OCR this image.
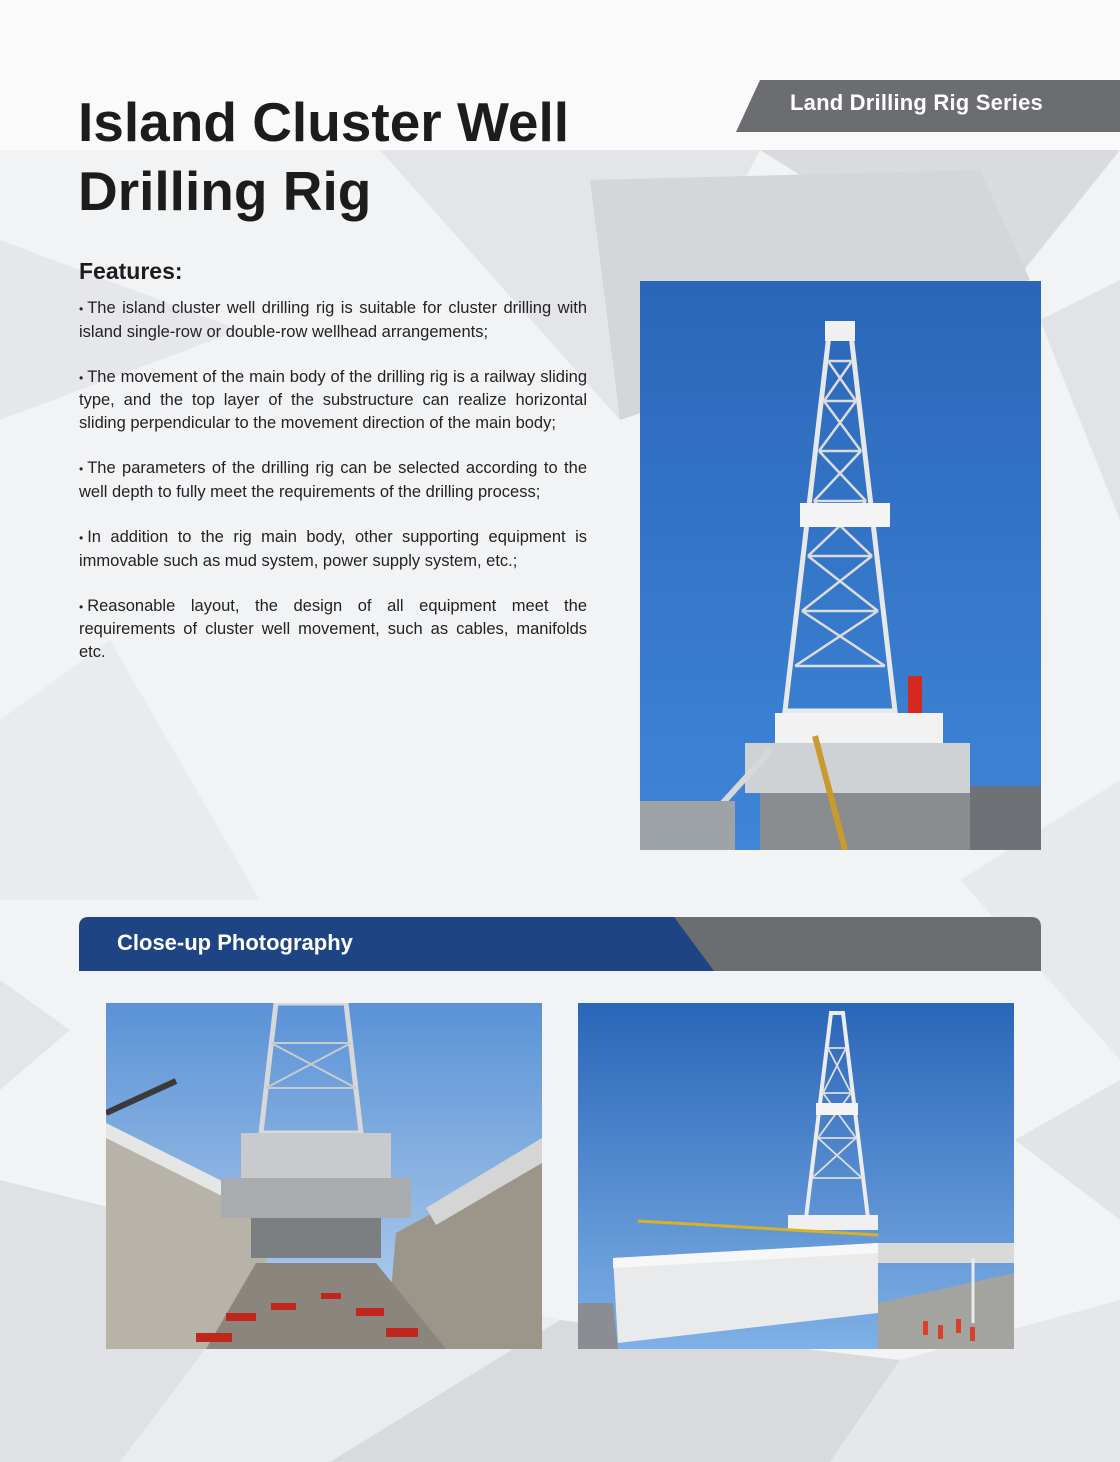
Land Drilling Rig Series
Island Cluster Well
Drilling Rig
Features:
• The island cluster well drilling rig is suitable for cluster drilling with island single-row or double-row wellhead arrangements;
• The movement of the main body of the drilling rig is a railway sliding type, and the top layer of the substructure can realize horizontal sliding perpendicular to the movement direction of the main body;
• The parameters of the drilling rig can be selected according to the well depth to fully meet the requirements of the drilling process;
• In addition to the rig main body, other supporting equipment is immovable such as mud system, power supply system, etc.;
• Reasonable layout, the design of all equipment meet the requirements of cluster well movement, such as cables, manifolds etc.
Close-up Photography
